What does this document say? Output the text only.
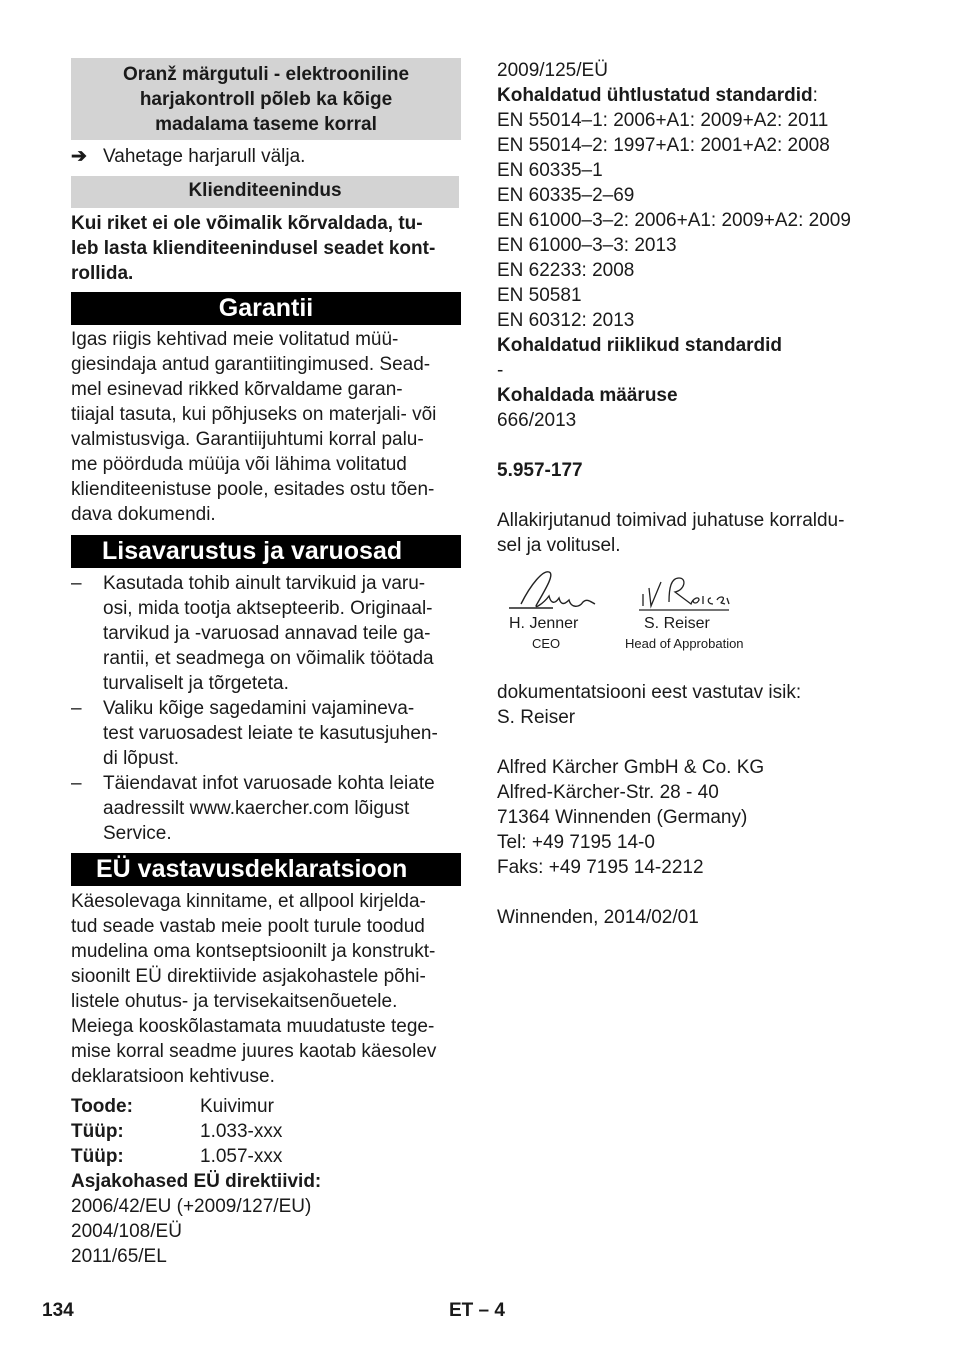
Oranž märgutuli - elektrooniline
harjakontroll põleb ka kõige
madalama taseme korral
➔ Vahetage harjarull välja.
Klienditeenindus
Kui riket ei ole võimalik kõrvaldada, tu-
leb lasta klienditeenindusel seadet kont-
rollida.
Garantii
Igas riigis kehtivad meie volitatud müü-
giesindaja antud garantiitingimused. Sead-
mel esinevad rikked kõrvaldame garan-
tiiajal tasuta, kui põhjuseks on materjali- või
valmistusviga. Garantiijuhtumi korral palu-
me pöörduda müüja või lähima volitatud
klienditeenistuse poole, esitades ostu tõen-
dava dokumendi.
Lisavarustus ja varuosad
– Kasutada tohib ainult tarvikuid ja varu-
osi, mida tootja aktsepteerib. Originaal-
tarvikud ja -varuosad annavad teile ga-
rantii, et seadmega on võimalik töötada
turvaliselt ja tõrgeteta.
– Valiku kõige sagedamini vajamineva-
test varuosadest leiate te kasutusjuhen-
di lõpust.
– Täiendavat infot varuosade kohta leiate
aadressilt www.kaercher.com lõigust
Service.
EÜ vastavusdeklaratsioon
Käesolevaga kinnitame, et allpool kirjelda-
tud seade vastab meie poolt turule toodud
mudelina oma kontseptsioonilt ja konstrukt-
sioonilt EÜ direktiivide asjakohastele põhi-
listele ohutus- ja tervisekaitsenõuetele.
Meiega kooskõlastamata muudatuste tege-
mise korral seadme juures kaotab käesolev
deklaratsioon kehtivuse.
Toode:	Kuivimur
Tüüp:	1.033-xxx
Tüüp:	1.057-xxx
Asjakohased EÜ direktiivid:
2006/42/EU (+2009/127/EU)
2004/108/EÜ
2011/65/EL
2009/125/EÜ
Kohaldatud ühtlustatud standardid:
EN 55014–1: 2006+A1: 2009+A2: 2011
EN 55014–2: 1997+A1: 2001+A2: 2008
EN 60335–1
EN 60335–2–69
EN 61000–3–2: 2006+A1: 2009+A2: 2009
EN 61000–3–3: 2013
EN 62233: 2008
EN 50581
EN 60312: 2013
Kohaldatud riiklikud standardid
-
Kohaldada määruse
666/2013
5.957-177
Allakirjutanud toimivad juhatuse korraldu-
sel ja volitusel.
i.V. Reiser
H. Jenner
CEO
S. Reiser
Head of Approbation
dokumentatsiooni eest vastutav isik:
S. Reiser
Alfred Kärcher GmbH & Co. KG
Alfred-Kärcher-Str. 28 - 40
71364 Winnenden (Germany)
Tel: +49 7195 14-0
Faks: +49 7195 14-2212
Winnenden, 2014/02/01
134	ET – 4
